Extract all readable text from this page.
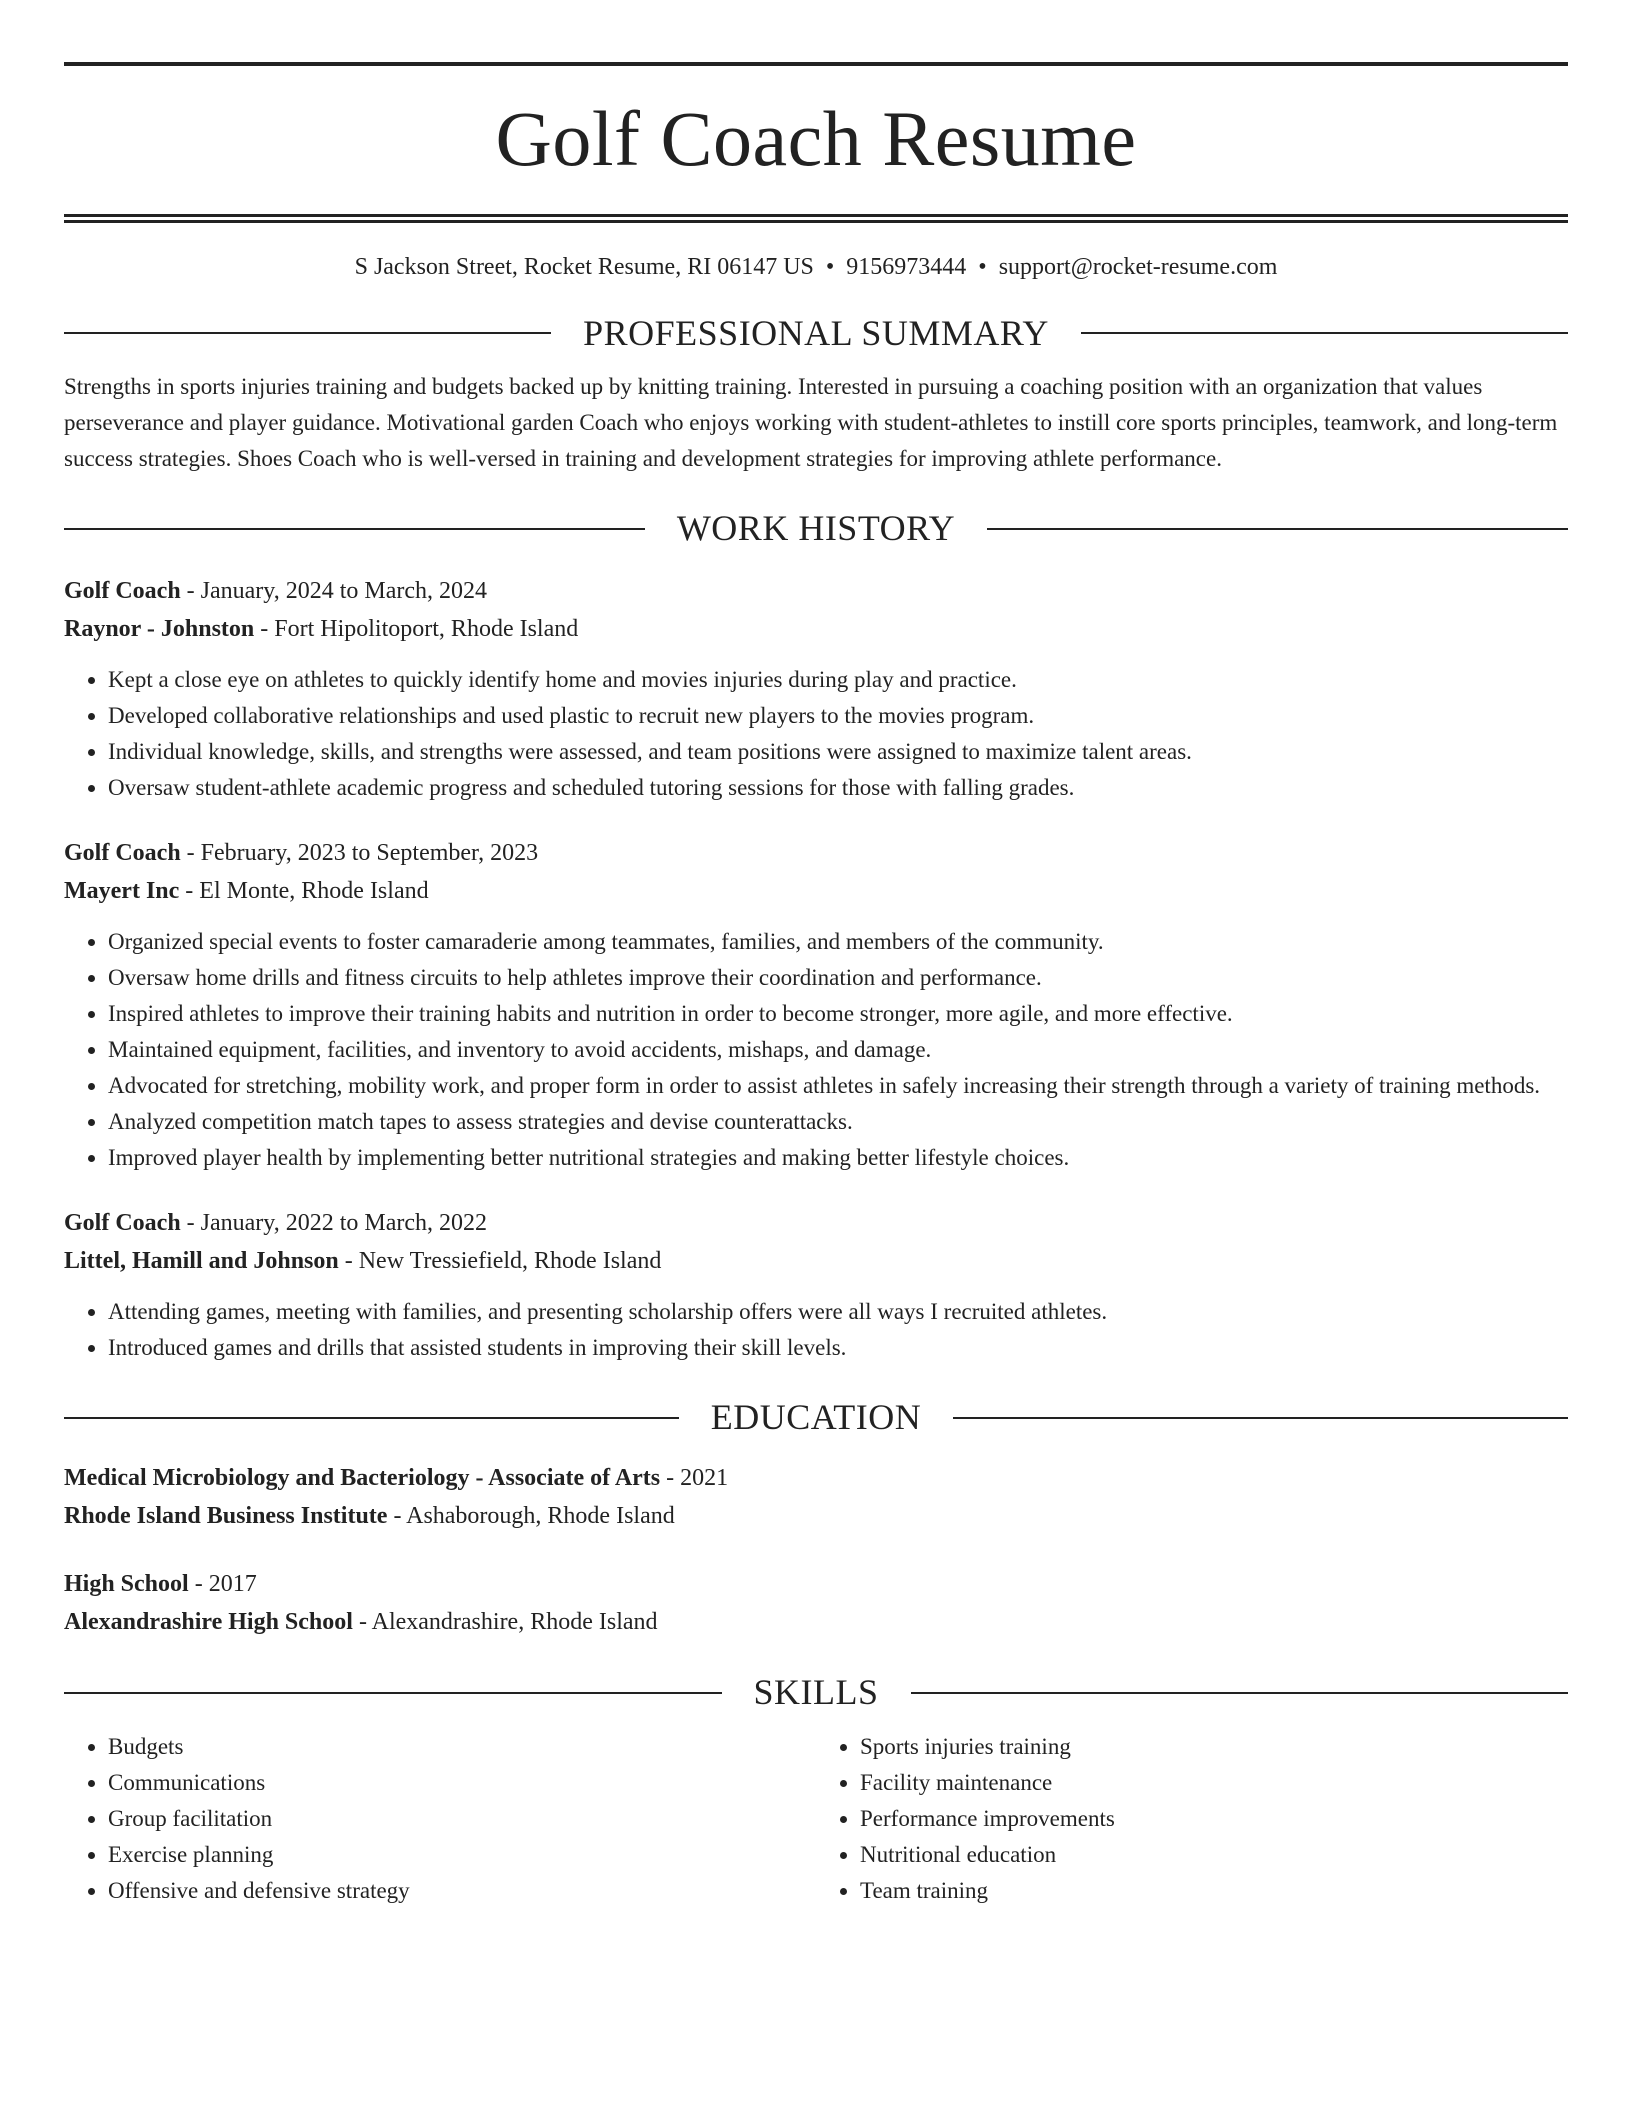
Golf Coach Resume
S Jackson Street, Rocket Resume, RI 06147 US • 9156973444 • support@rocket-resume.com
PROFESSIONAL SUMMARY
Strengths in sports injuries training and budgets backed up by knitting training. Interested in pursuing a coaching position with an organization that values perseverance and player guidance. Motivational garden Coach who enjoys working with student-athletes to instill core sports principles, teamwork, and long-term success strategies. Shoes Coach who is well-versed in training and development strategies for improving athlete performance.
WORK HISTORY
Golf Coach - January, 2024 to March, 2024
Raynor - Johnston - Fort Hipolitoport, Rhode Island
• Kept a close eye on athletes to quickly identify home and movies injuries during play and practice.
• Developed collaborative relationships and used plastic to recruit new players to the movies program.
• Individual knowledge, skills, and strengths were assessed, and team positions were assigned to maximize talent areas.
• Oversaw student-athlete academic progress and scheduled tutoring sessions for those with falling grades.
Golf Coach - February, 2023 to September, 2023
Mayert Inc - El Monte, Rhode Island
• Organized special events to foster camaraderie among teammates, families, and members of the community.
• Oversaw home drills and fitness circuits to help athletes improve their coordination and performance.
• Inspired athletes to improve their training habits and nutrition in order to become stronger, more agile, and more effective.
• Maintained equipment, facilities, and inventory to avoid accidents, mishaps, and damage.
• Advocated for stretching, mobility work, and proper form in order to assist athletes in safely increasing their strength through a variety of training methods.
• Analyzed competition match tapes to assess strategies and devise counterattacks.
• Improved player health by implementing better nutritional strategies and making better lifestyle choices.
Golf Coach - January, 2022 to March, 2022
Littel, Hamill and Johnson - New Tressiefield, Rhode Island
• Attending games, meeting with families, and presenting scholarship offers were all ways I recruited athletes.
• Introduced games and drills that assisted students in improving their skill levels.
EDUCATION
Medical Microbiology and Bacteriology - Associate of Arts - 2021
Rhode Island Business Institute - Ashaborough, Rhode Island
High School - 2017
Alexandrashire High School - Alexandrashire, Rhode Island
SKILLS
• Budgets
• Communications
• Group facilitation
• Exercise planning
• Offensive and defensive strategy
• Sports injuries training
• Facility maintenance
• Performance improvements
• Nutritional education
• Team training
